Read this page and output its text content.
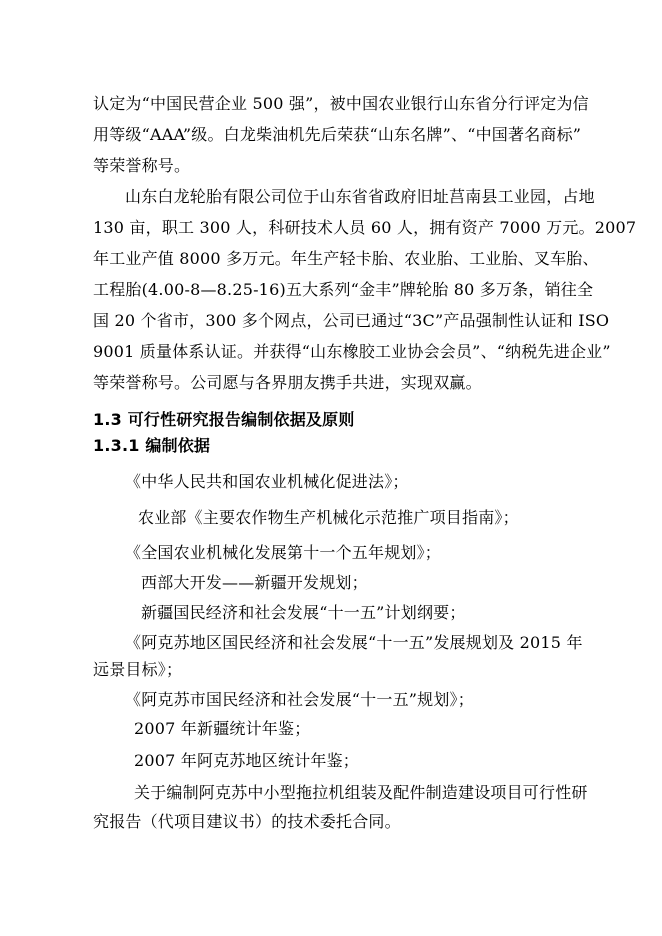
认定为“中国民营企业 500 强”，被中国农业银行山东省分行评定为信
用等级“AAA”级。白龙柴油机先后荣获“山东名牌”、“中国著名商标”
等荣誉称号。
山东白龙轮胎有限公司位于山东省省政府旧址莒南县工业园，占地
130 亩，职工 300 人，科研技术人员 60 人，拥有资产 7000 万元。2007
年工业产值 8000 多万元。年生产轻卡胎、农业胎、工业胎、叉车胎、
工程胎(4.00-8—8.25-16)五大系列“金丰”牌轮胎 80 多万条，销往全
国 20 个省市，300 多个网点，公司已通过“3C”产品强制性认证和 ISO
9001 质量体系认证。并获得“山东橡胶工业协会会员”、“纳税先进企业”
等荣誉称号。公司愿与各界朋友携手共进，实现双赢。
1.3 可行性研究报告编制依据及原则
1.3.1 编制依据
《中华人民共和国农业机械化促进法》；
农业部《主要农作物生产机械化示范推广项目指南》；
《全国农业机械化发展第十一个五年规划》；
西部大开发——新疆开发规划；
新疆国民经济和社会发展“十一五”计划纲要；
《阿克苏地区国民经济和社会发展“十一五”发展规划及 2015 年
远景目标》；
《阿克苏市国民经济和社会发展“十一五”规划》；
2007 年新疆统计年鉴；
2007 年阿克苏地区统计年鉴；
关于编制阿克苏中小型拖拉机组装及配件制造建设项目可行性研
究报告（代项目建议书）的技术委托合同。
